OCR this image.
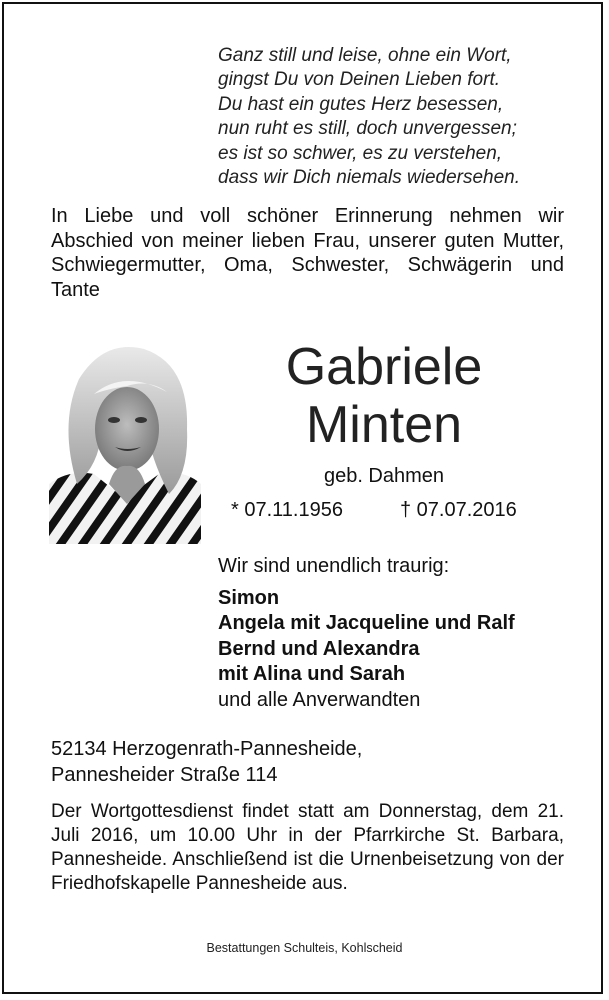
Ganz still und leise, ohne ein Wort,
gingst Du von Deinen Lieben fort.
Du hast ein gutes Herz besessen,
nun ruht es still, doch unvergessen;
es ist so schwer, es zu verstehen,
dass wir Dich niemals wiedersehen.
In Liebe und voll schöner Erinnerung nehmen wir Abschied von meiner lieben Frau, unserer guten Mutter, Schwiegermutter, Oma, Schwester, Schwägerin und Tante
Gabriele
Minten
geb. Dahmen
* 07.11.1956	† 07.07.2016
Wir sind unendlich traurig:
Simon
Angela mit Jacqueline und Ralf
Bernd und Alexandra
mit Alina und Sarah
und alle Anverwandten
52134 Herzogenrath-Pannesheide,
Pannesheider Straße 114
Der Wortgottesdienst findet statt am Donnerstag, dem 21. Juli 2016, um 10.00 Uhr in der Pfarrkirche St. Barbara, Pannesheide. Anschließend ist die Urnenbeisetzung von der Friedhofskapelle Pannesheide aus.
Bestattungen Schulteis, Kohlscheid
